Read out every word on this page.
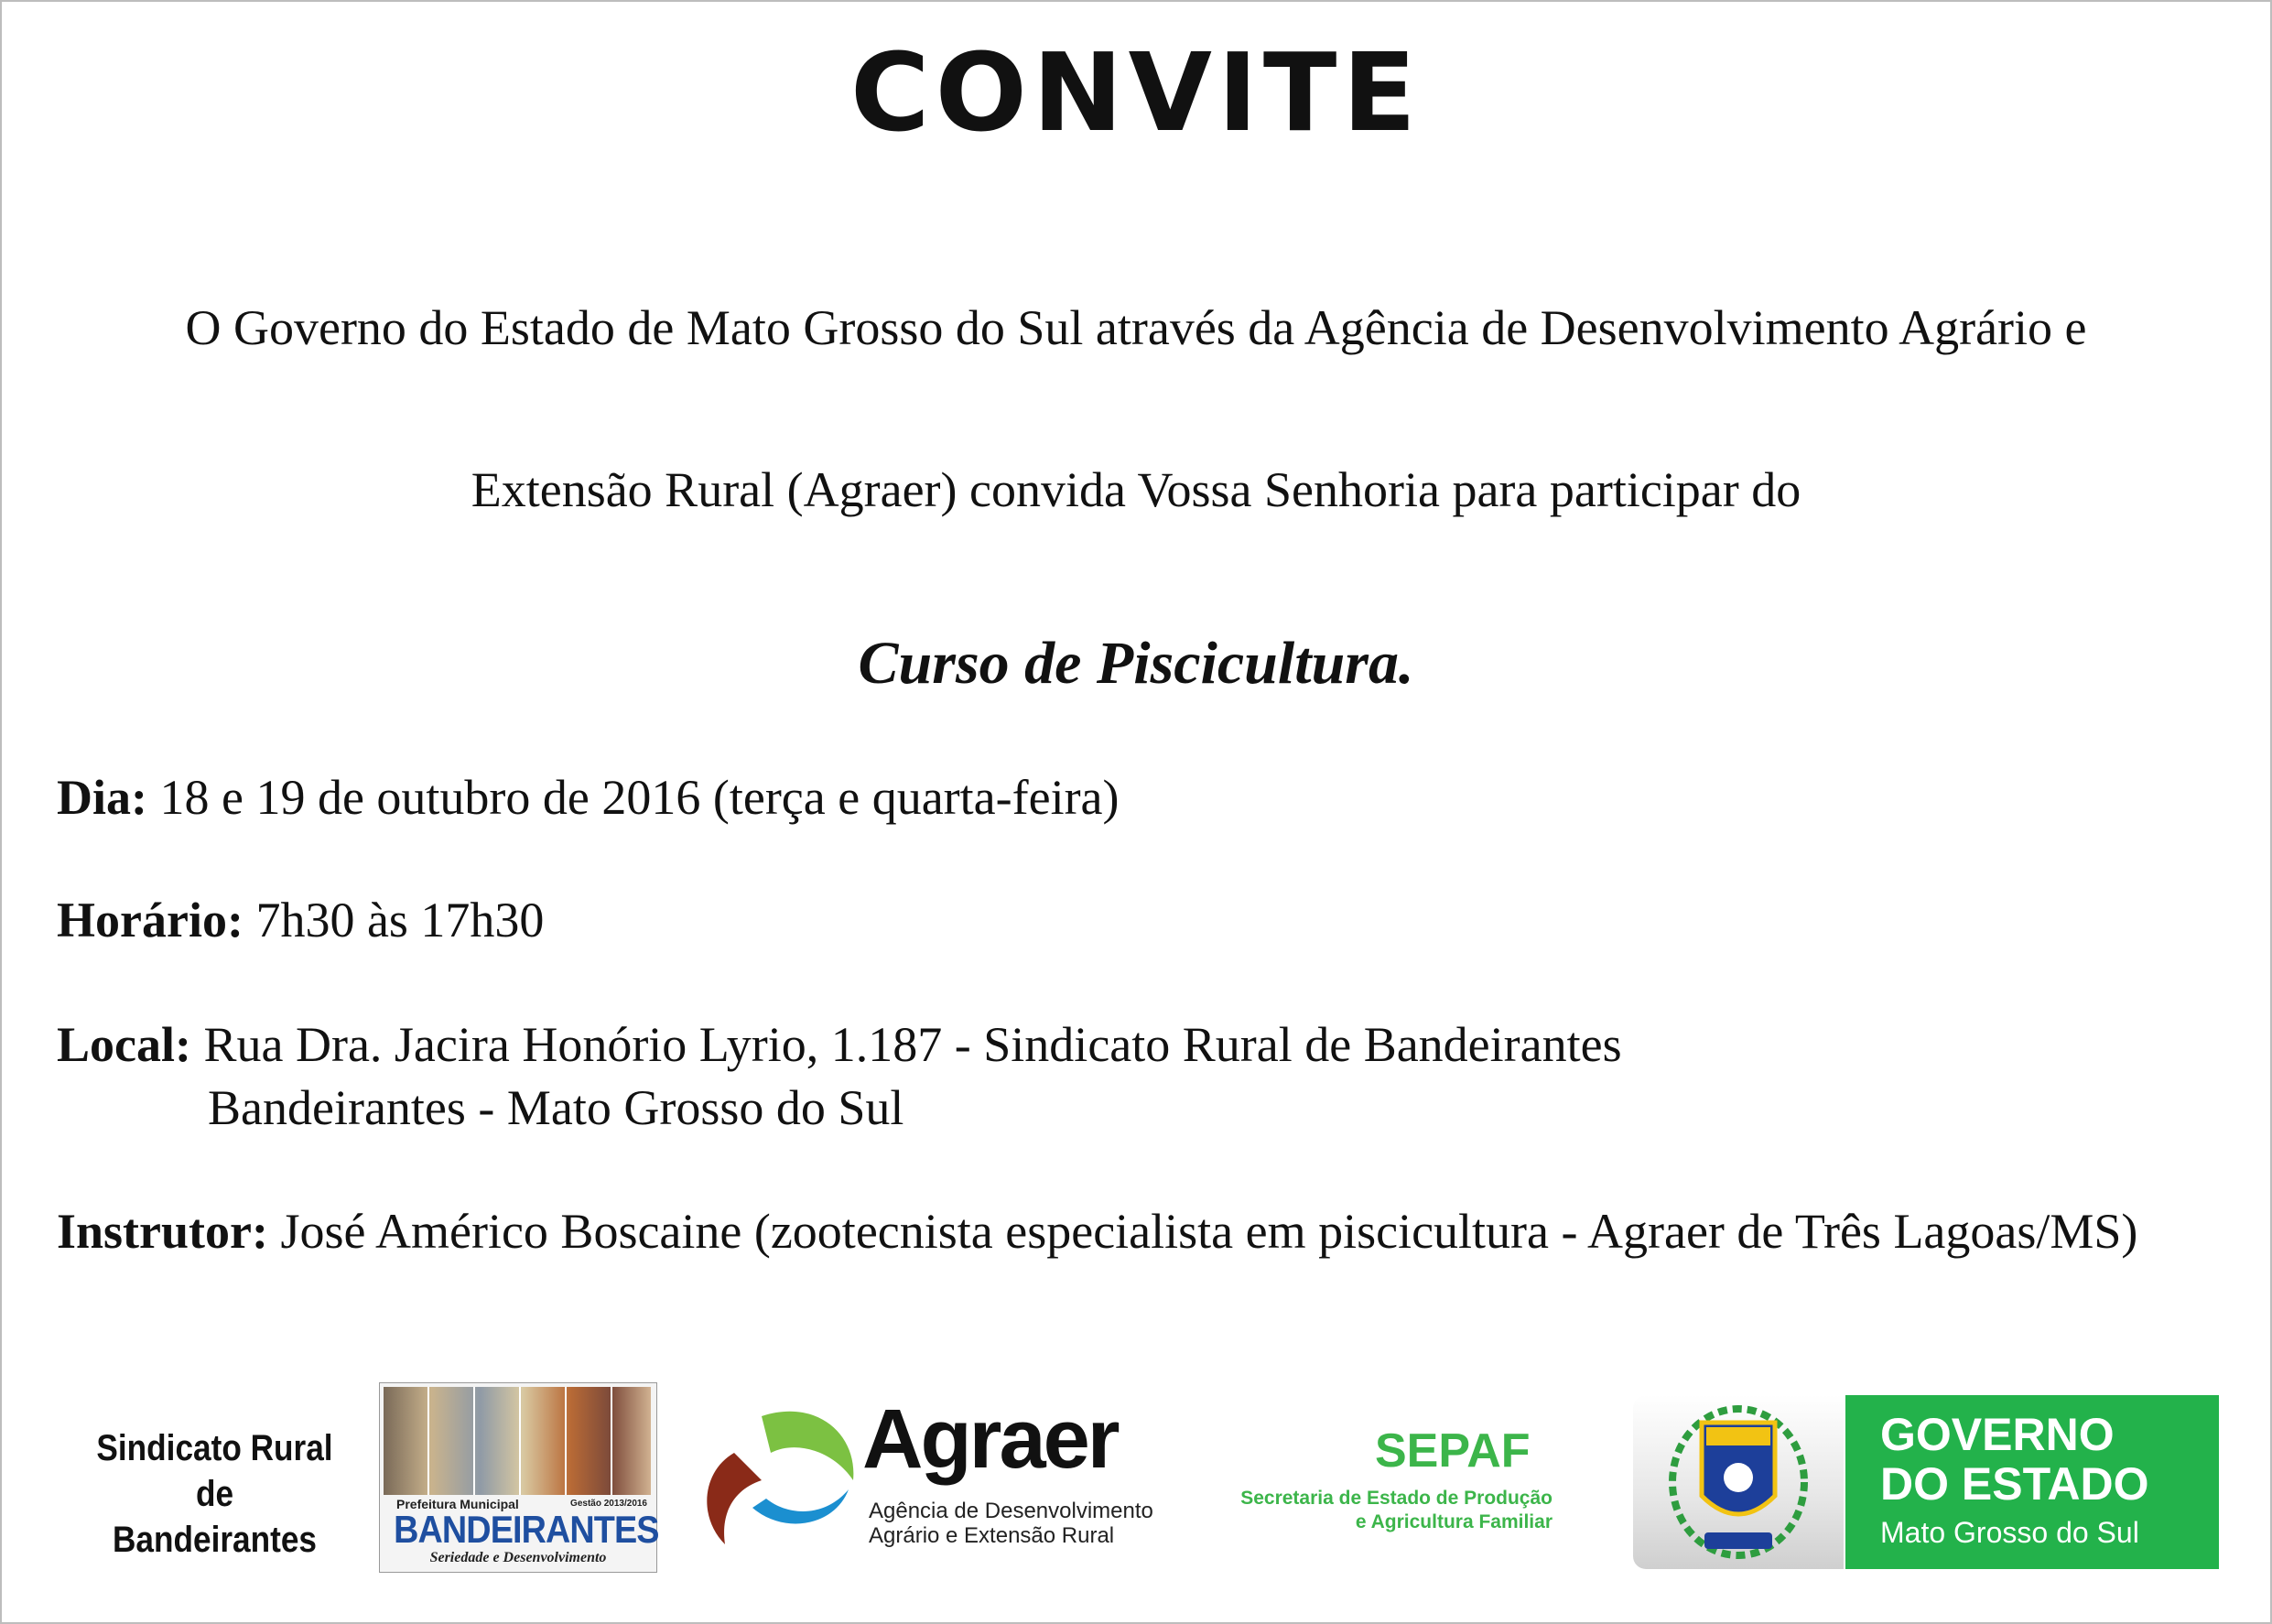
CONVITE
O Governo do Estado de Mato Grosso do Sul através da Agência de Desenvolvimento Agrário e
Extensão Rural (Agraer) convida Vossa Senhoria para participar do
Curso de Piscicultura.
Dia: 18 e 19 de outubro de 2016 (terça e quarta-feira)
Horário: 7h30 às 17h30
Local: Rua Dra. Jacira Honório Lyrio, 1.187 - Sindicato Rural de Bandeirantes
Bandeirantes - Mato Grosso do Sul
Instrutor: José Américo Boscaine (zootecnista especialista em piscicultura - Agraer de Três Lagoas/MS)
Sindicato Rural de
Bandeirantes
Prefeitura Municipal	Gestão 2013/2016
BANDEIRANTES
Seriedade e Desenvolvimento
Agraer
Agência de Desenvolvimento
Agrário e Extensão Rural
SEPAF
Secretaria de Estado de Produção
e Agricultura Familiar
GOVERNO
DO ESTADO
Mato Grosso do Sul
